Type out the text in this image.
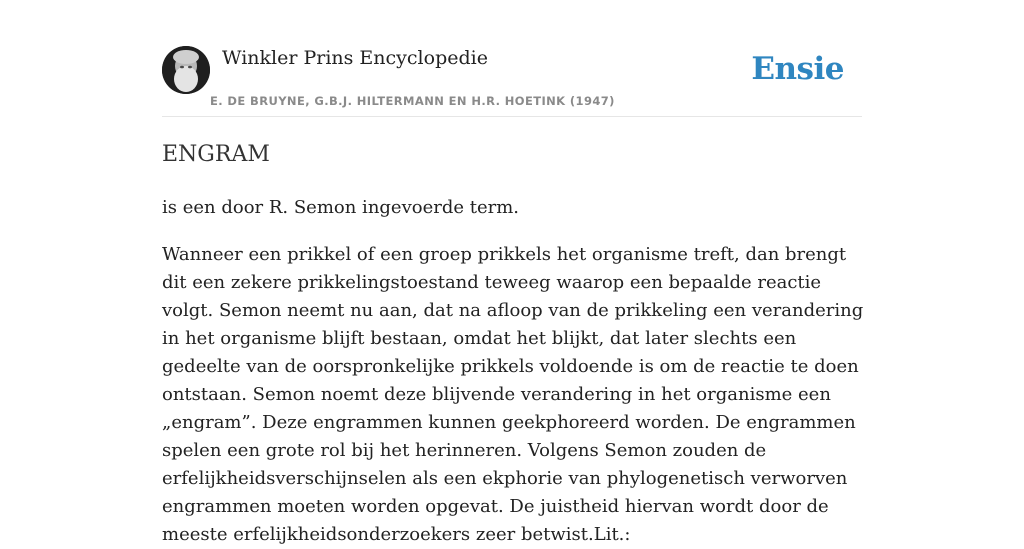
Winkler Prins Encyclopedie
E. DE BRUYNE, G.B.J. HILTERMANN EN H.R. HOETINK (1947)
Ensie
ENGRAM

is een door R. Semon ingevoerde term.

Wanneer een prikkel of een groep prikkels het organisme treft, dan brengt dit een zekere prikkelingstoestand teweeg waarop een bepaalde reactie volgt. Semon neemt nu aan, dat na afloop van de prikkeling een verandering in het organisme blijft bestaan, omdat het blijkt, dat later slechts een gedeelte van de oorspronkelijke prikkels voldoende is om de reactie te doen ontstaan. Semon noemt deze blijvende verandering in het organisme een „engram”. Deze engrammen kunnen geekphoreerd worden. De engrammen spelen een grote rol bij het herinneren. Volgens Semon zouden de erfelijkheidsverschijnselen als een ekphorie van phylogenetisch verworven engrammen moeten worden opgevat. De juistheid hiervan wordt door de meeste erfelijkheidsonderzoekers zeer betwist.Lit.:
